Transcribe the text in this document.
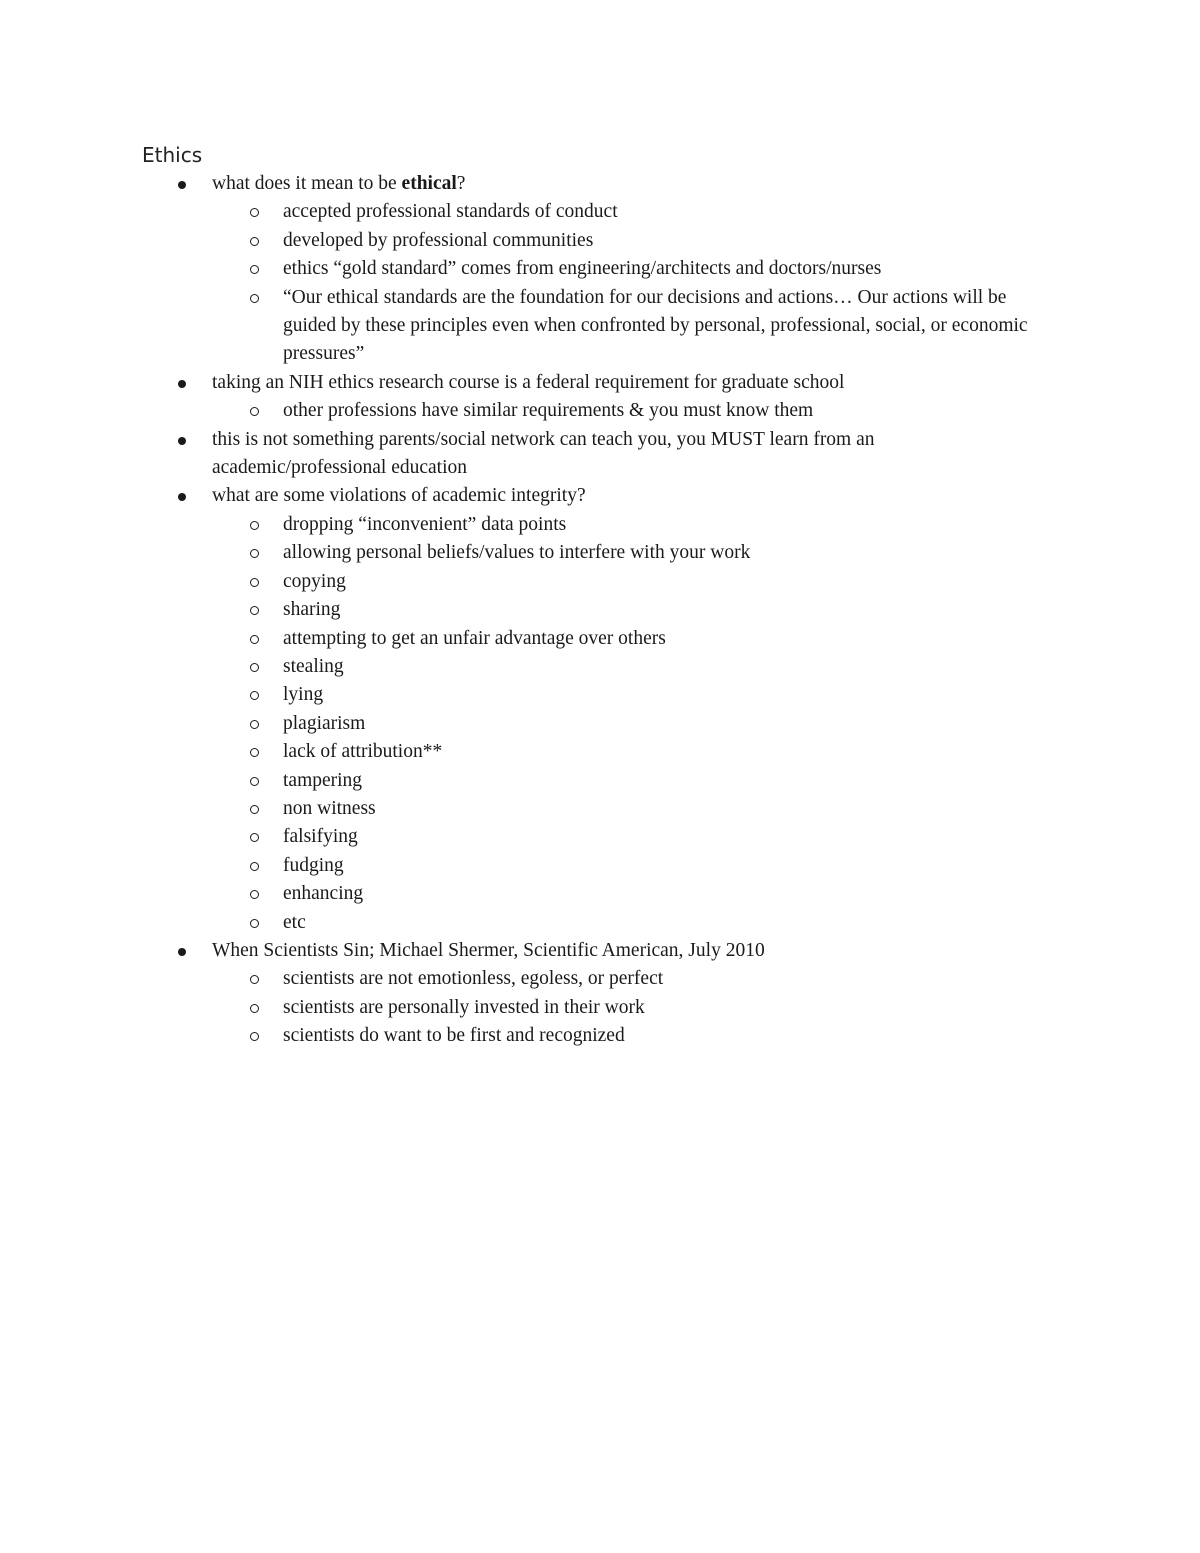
Ethics
what does it mean to be ethical?
accepted professional standards of conduct
developed by professional communities
ethics “gold standard” comes from engineering/architects and doctors/nurses
“Our ethical standards are the foundation for our decisions and actions… Our actions will be guided by these principles even when confronted by personal, professional, social, or economic pressures”
taking an NIH ethics research course is a federal requirement for graduate school
other professions have similar requirements & you must know them
this is not something parents/social network can teach you, you MUST learn from an academic/professional education
what are some violations of academic integrity?
dropping “inconvenient” data points
allowing personal beliefs/values to interfere with your work
copying
sharing
attempting to get an unfair advantage over others
stealing
lying
plagiarism
lack of attribution**
tampering
non witness
falsifying
fudging
enhancing
etc
When Scientists Sin; Michael Shermer, Scientific American, July 2010
scientists are not emotionless, egoless, or perfect
scientists are personally invested in their work
scientists do want to be first and recognized
